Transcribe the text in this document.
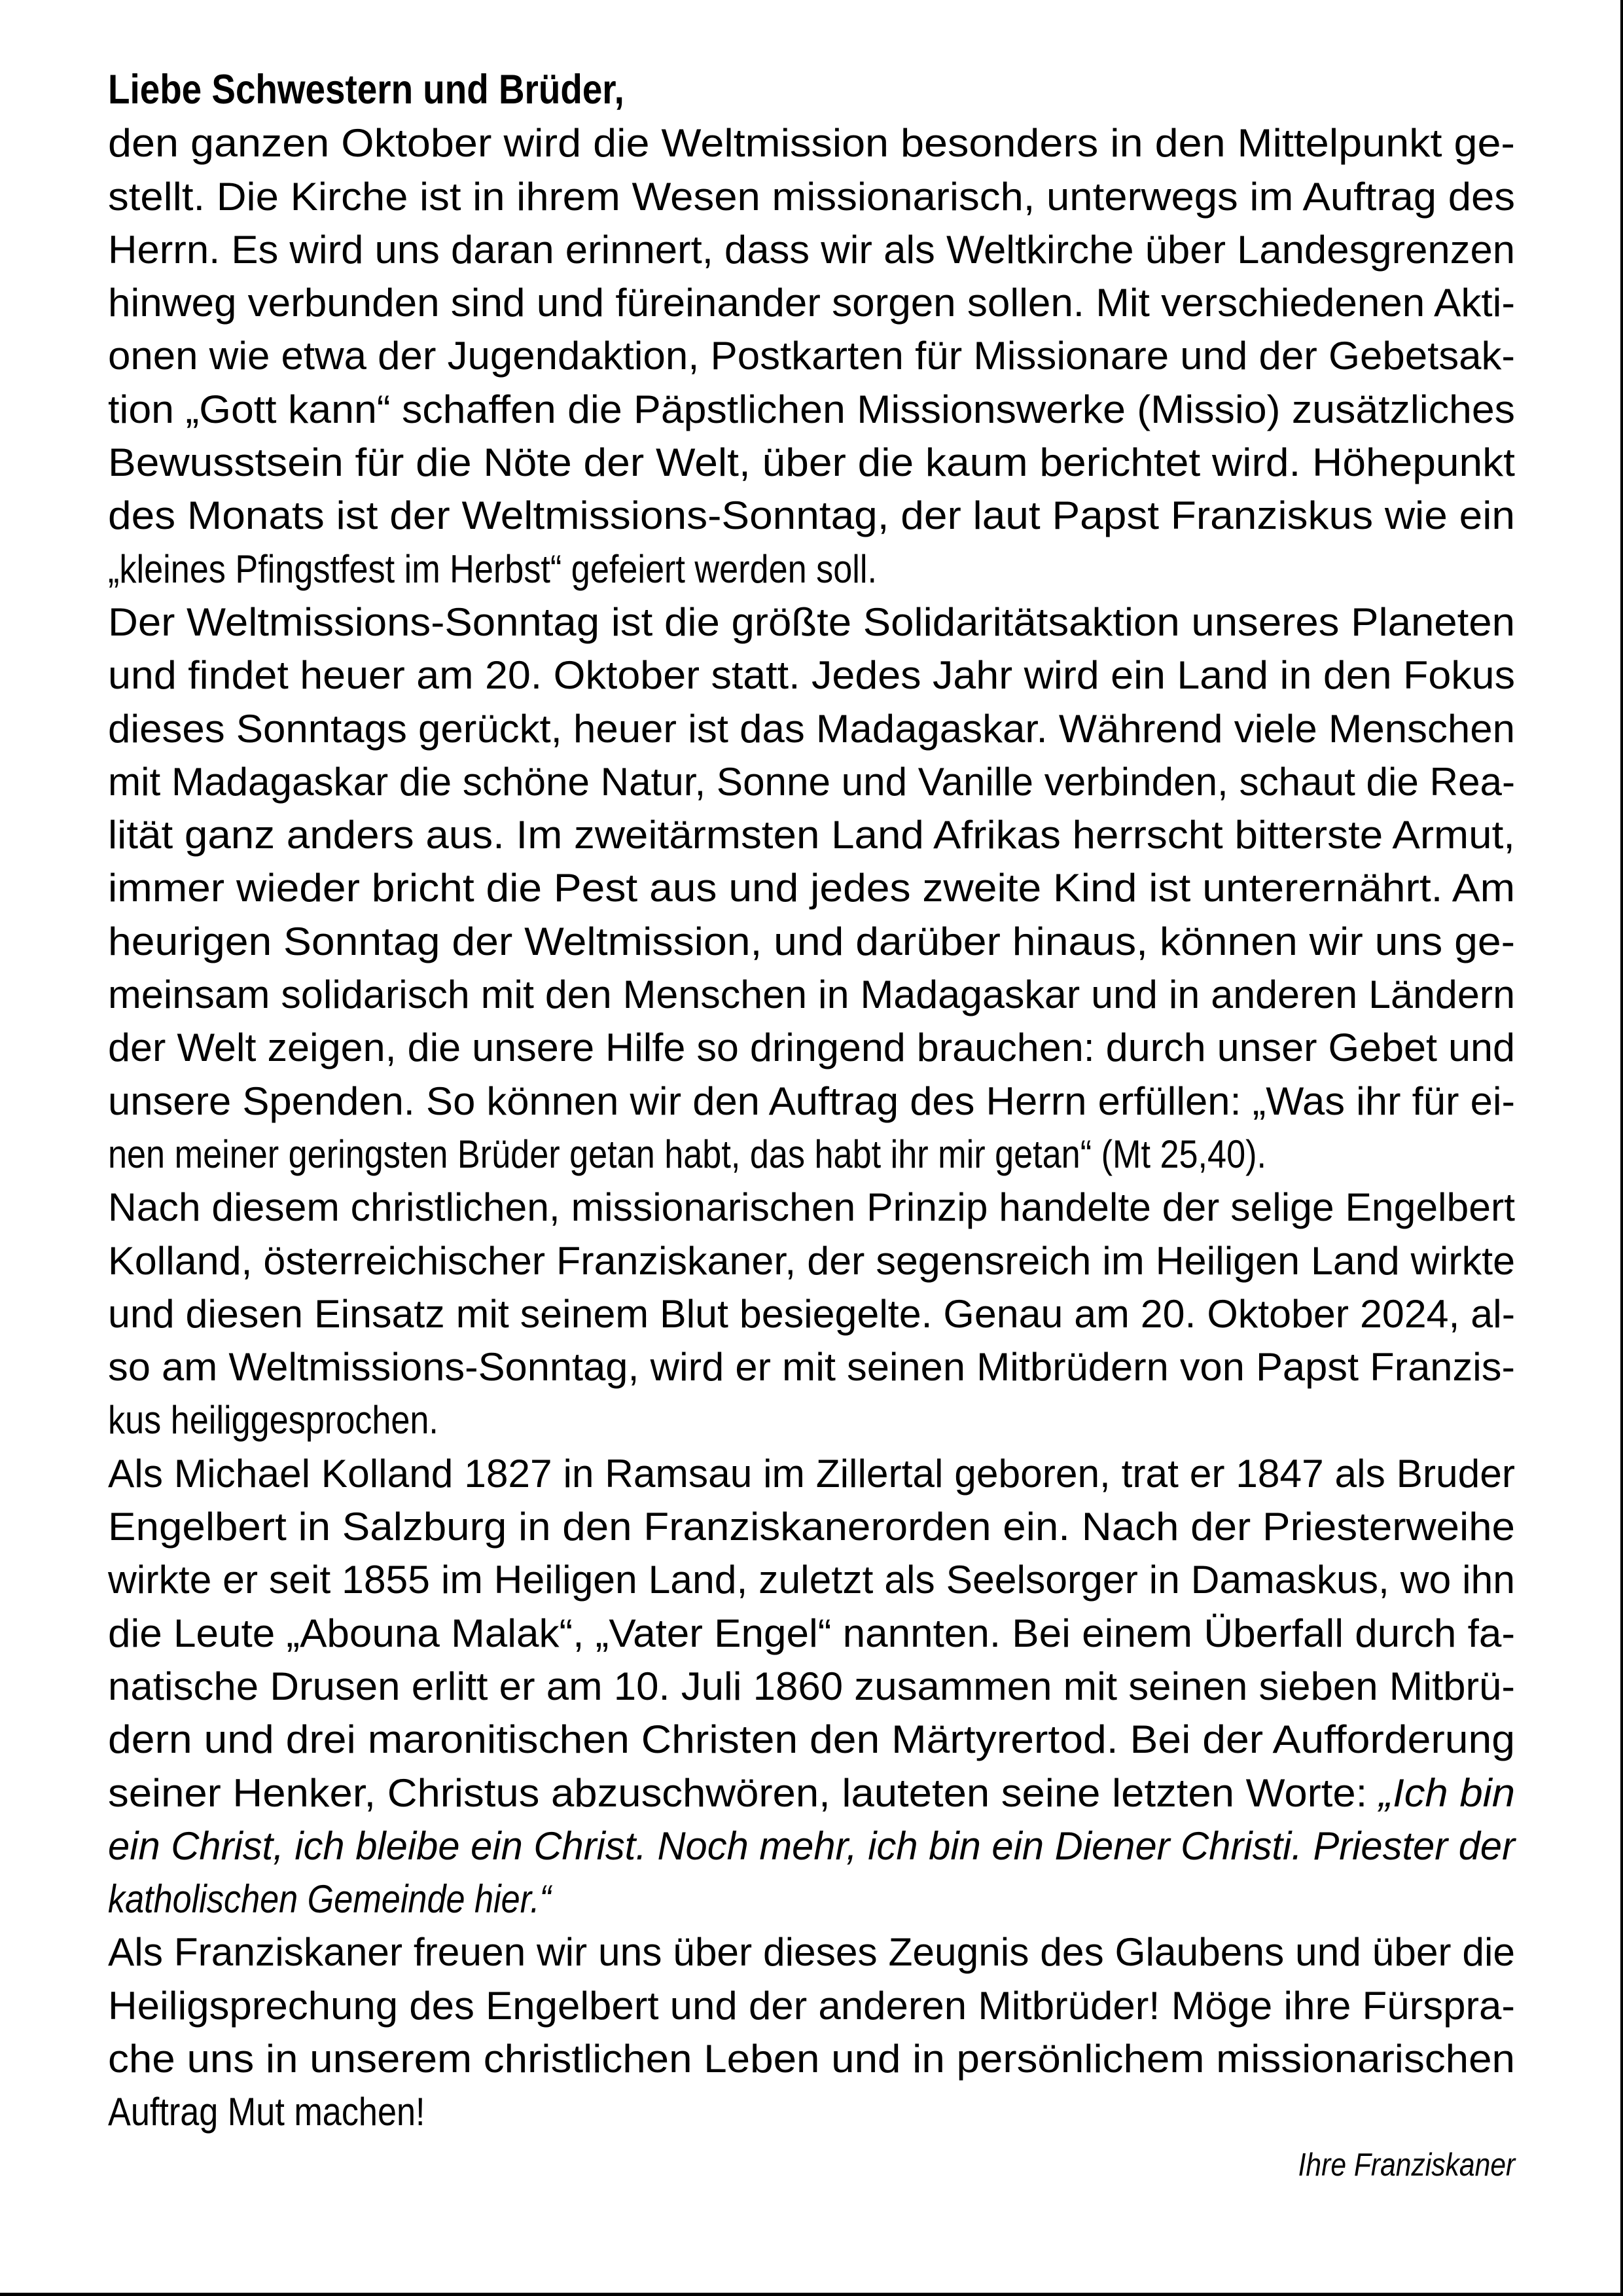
Liebe Schwestern und Brüder,
den ganzen Oktober wird die Weltmission besonders in den Mittelpunkt ge-
stellt. Die Kirche ist in ihrem Wesen missionarisch, unterwegs im Auftrag des
Herrn. Es wird uns daran erinnert, dass wir als Weltkirche über Landesgrenzen
hinweg verbunden sind und füreinander sorgen sollen. Mit verschiedenen Akti-
onen wie etwa der Jugendaktion, Postkarten für Missionare und der Gebetsak-
tion „Gott kann“ schaffen die Päpstlichen Missionswerke (Missio) zusätzliches
Bewusstsein für die Nöte der Welt, über die kaum berichtet wird. Höhepunkt
des Monats ist der Weltmissions-Sonntag, der laut Papst Franziskus wie ein
„kleines Pfingstfest im Herbst“ gefeiert werden soll.
Der Weltmissions-Sonntag ist die größte Solidaritätsaktion unseres Planeten
und findet heuer am 20. Oktober statt. Jedes Jahr wird ein Land in den Fokus
dieses Sonntags gerückt, heuer ist das Madagaskar. Während viele Menschen
mit Madagaskar die schöne Natur, Sonne und Vanille verbinden, schaut die Rea-
lität ganz anders aus. Im zweitärmsten Land Afrikas herrscht bitterste Armut,
immer wieder bricht die Pest aus und jedes zweite Kind ist unterernährt. Am
heurigen Sonntag der Weltmission, und darüber hinaus, können wir uns ge-
meinsam solidarisch mit den Menschen in Madagaskar und in anderen Ländern
der Welt zeigen, die unsere Hilfe so dringend brauchen: durch unser Gebet und
unsere Spenden. So können wir den Auftrag des Herrn erfüllen: „Was ihr für ei-
nen meiner geringsten Brüder getan habt, das habt ihr mir getan“ (Mt 25,40).
Nach diesem christlichen, missionarischen Prinzip handelte der selige Engelbert
Kolland, österreichischer Franziskaner, der segensreich im Heiligen Land wirkte
und diesen Einsatz mit seinem Blut besiegelte. Genau am 20. Oktober 2024, al-
so am Weltmissions-Sonntag, wird er mit seinen Mitbrüdern von Papst Franzis-
kus heiliggesprochen.
Als Michael Kolland 1827 in Ramsau im Zillertal geboren, trat er 1847 als Bruder
Engelbert in Salzburg in den Franziskanerorden ein. Nach der Priesterweihe
wirkte er seit 1855 im Heiligen Land, zuletzt als Seelsorger in Damaskus, wo ihn
die Leute „Abouna Malak“, „Vater Engel“ nannten. Bei einem Überfall durch fa-
natische Drusen erlitt er am 10. Juli 1860 zusammen mit seinen sieben Mitbrü-
dern und drei maronitischen Christen den Märtyrertod. Bei der Aufforderung
seiner Henker, Christus abzuschwören, lauteten seine letzten Worte: „Ich bin
ein Christ, ich bleibe ein Christ. Noch mehr, ich bin ein Diener Christi. Priester der
katholischen Gemeinde hier.“
Als Franziskaner freuen wir uns über dieses Zeugnis des Glaubens und über die
Heiligsprechung des Engelbert und der anderen Mitbrüder! Möge ihre Fürspra-
che uns in unserem christlichen Leben und in persönlichem missionarischen
Auftrag Mut machen!
Ihre Franziskaner
